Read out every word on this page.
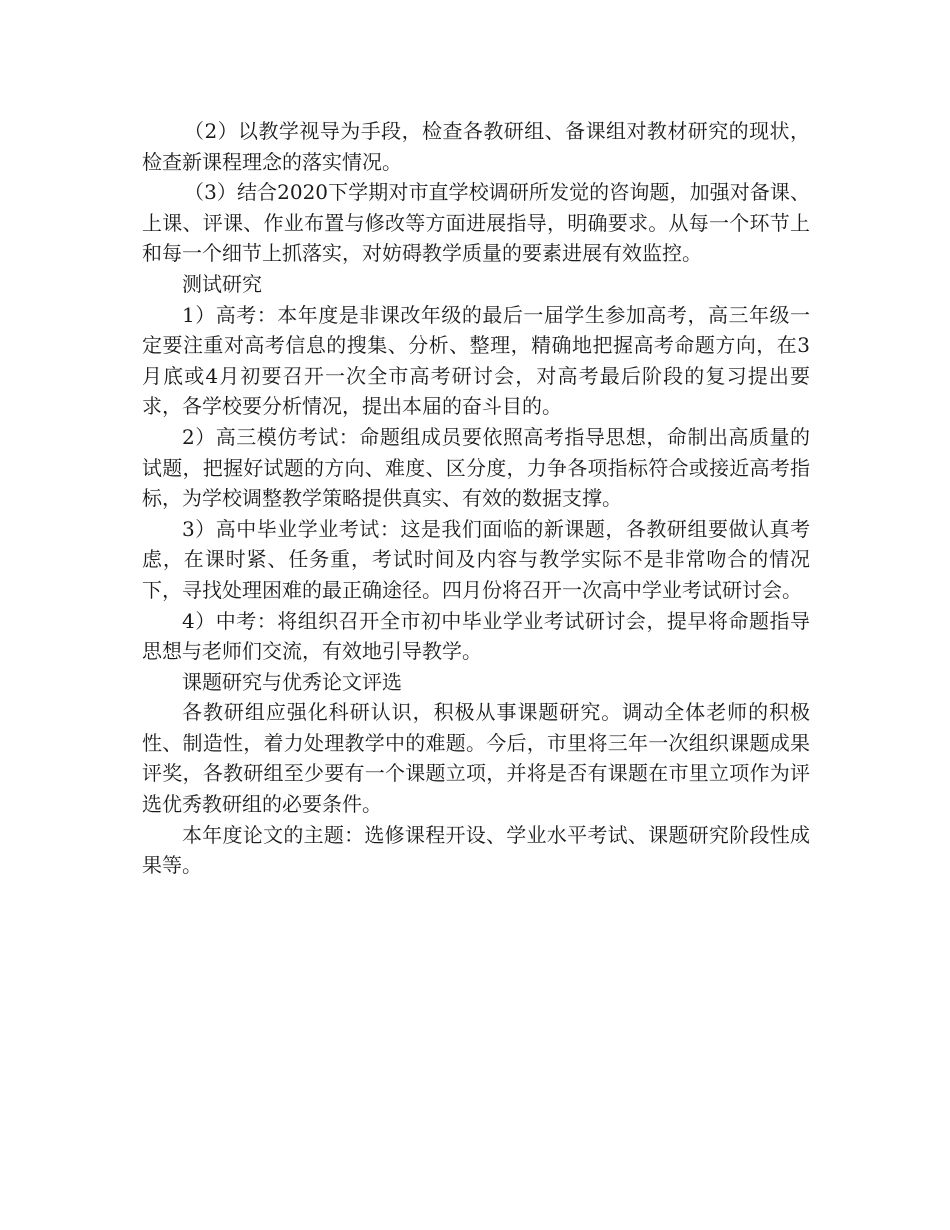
（2）以教学视导为手段，检查各教研组、备课组对教材研究的现状，检查新课程理念的落实情况。

（3）结合2020下学期对市直学校调研所发觉的咨询题，加强对备课、上课、评课、作业布置与修改等方面进展指导，明确要求。从每一个环节上和每一个细节上抓落实，对妨碍教学质量的要素进展有效监控。

测试研究

1）高考：本年度是非课改年级的最后一届学生参加高考，高三年级一定要注重对高考信息的搜集、分析、整理，精确地把握高考命题方向，在3月底或4月初要召开一次全市高考研讨会，对高考最后阶段的复习提出要求，各学校要分析情况，提出本届的奋斗目的。

2）高三模仿考试：命题组成员要依照高考指导思想，命制出高质量的试题，把握好试题的方向、难度、区分度，力争各项指标符合或接近高考指标，为学校调整教学策略提供真实、有效的数据支撑。

3）高中毕业学业考试：这是我们面临的新课题，各教研组要做认真考虑，在课时紧、任务重，考试时间及内容与教学实际不是非常吻合的情况下，寻找处理困难的最正确途径。四月份将召开一次高中学业考试研讨会。

4）中考：将组织召开全市初中毕业学业考试研讨会，提早将命题指导思想与老师们交流，有效地引导教学。

课题研究与优秀论文评选

各教研组应强化科研认识，积极从事课题研究。调动全体老师的积极性、制造性，着力处理教学中的难题。今后，市里将三年一次组织课题成果评奖，各教研组至少要有一个课题立项，并将是否有课题在市里立项作为评选优秀教研组的必要条件。

本年度论文的主题：选修课程开设、学业水平考试、课题研究阶段性成果等。
